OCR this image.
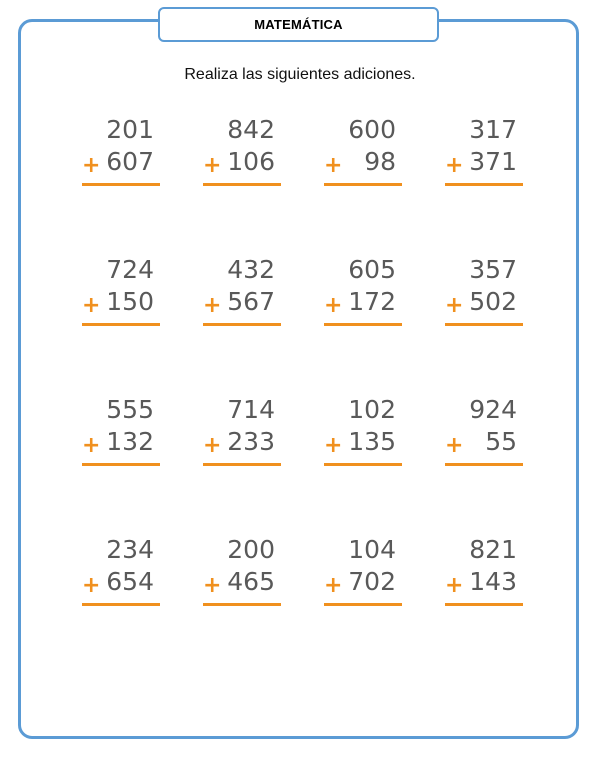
MATEMÁTICA
Realiza las siguientes adiciones.
201
+ 607
842
+ 106
600
+ 98
317
+ 371
724
+ 150
432
+ 567
605
+ 172
357
+ 502
555
+ 132
714
+ 233
102
+ 135
924
+ 55
234
+ 654
200
+ 465
104
+ 702
821
+ 143
